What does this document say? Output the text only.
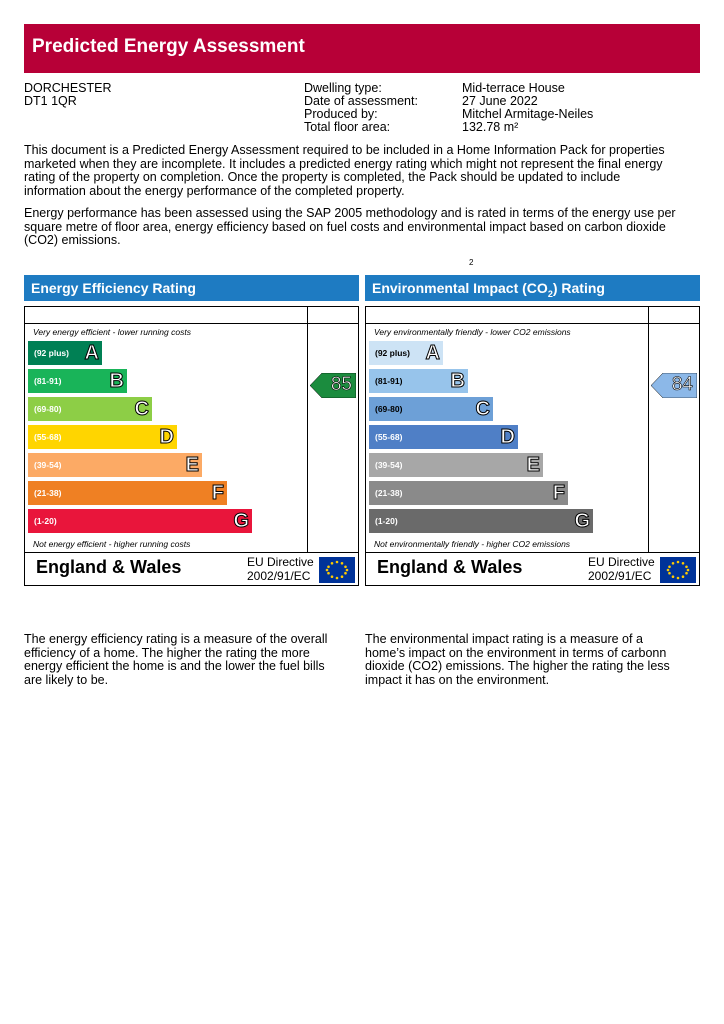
Predicted Energy Assessment
DORCHESTER
DT1 1QR
Dwelling type:	Mid-terrace House
Date of assessment:	27 June 2022
Produced by:	Mitchel Armitage-Neiles
Total floor area:	132.78 m²
This document is a Predicted Energy Assessment required to be included in a Home Information Pack for properties marketed when they are incomplete. It includes a predicted energy rating which might not represent the final energy rating of the property on completion. Once the property is completed, the Pack should be updated to include information about the energy performance of the completed property.
Energy performance has been assessed using the SAP 2005 methodology and is rated in terms of the energy use per square metre of floor area, energy efficiency based on fuel costs and environmental impact based on carbon dioxide (CO2) emissions.
2
Energy Efficiency Rating
Very energy efficient - lower running costs
(92 plus) A
(81-91) B
(69-80)	C
(55-68)	D
(39-54)	E
(21-38)	F
(1-20)	G
Not energy efficient - higher running costs
85
England & Wales	EU Directive
2002/91/EC
Environmental Impact $(CO_2)$ Rating
Very environmentally friendly - lower CO2 emissions
(92 plus) A
(81-91) B
(69-80)	C
(55-68)	D
(39-54)	E
(21-38)	F
(1-20)	G
Not environmentally friendly - higher CO2 emissions
84
England & Wales	EU Directive
2002/91/EC
The energy efficiency rating is a measure of the overall efficiency of a home. The higher the rating the more energy efficient the home is and the lower the fuel bills are likely to be.
The environmental impact rating is a measure of a home’s impact on the environment in terms of carbonn dioxide (CO2) emissions. The higher the rating the less impact it has on the environment.
